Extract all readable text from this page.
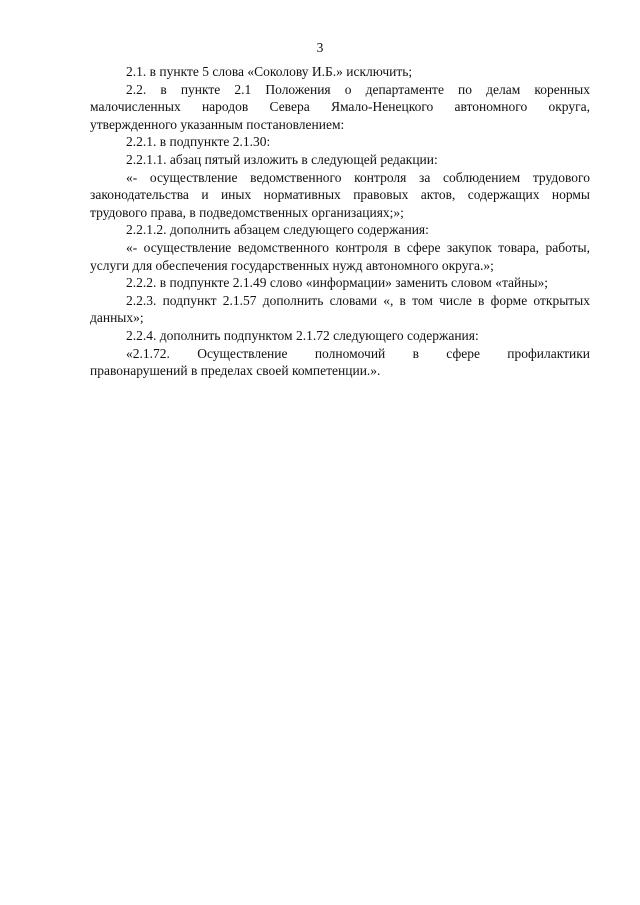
3

2.1. в пункте 5 слова «Соколову И.Б.» исключить;

2.2. в пункте 2.1 Положения о департаменте по делам коренных
малочисленных народов Севера Ямало-Ненецкого автономного округа,
утвержденного указанным постановлением:

2.2.1. в подпункте 2.1.30:

2.2.1.1. абзац пятый изложить в следующей редакции:

«- осуществление ведомственного контроля за соблюдением трудового
законодательства и иных нормативных правовых актов, содержащих нормы
трудового права, в подведомственных организациях;»;

2.2.1.2. дополнить абзацем следующего содержания:

«- осуществление ведомственного контроля в сфере закупок товара, работы,
услуги для обеспечения государственных нужд автономного округа.»;

2.2.2. в подпункте 2.1.49 слово «информации» заменить словом «тайны»;

2.2.3. подпункт 2.1.57 дополнить словами «, в том числе в форме открытых
данных»;

2.2.4. дополнить подпунктом 2.1.72 следующего содержания:

«2.1.72. Осуществление полномочий в сфере профилактики
правонарушений в пределах своей компетенции.».
